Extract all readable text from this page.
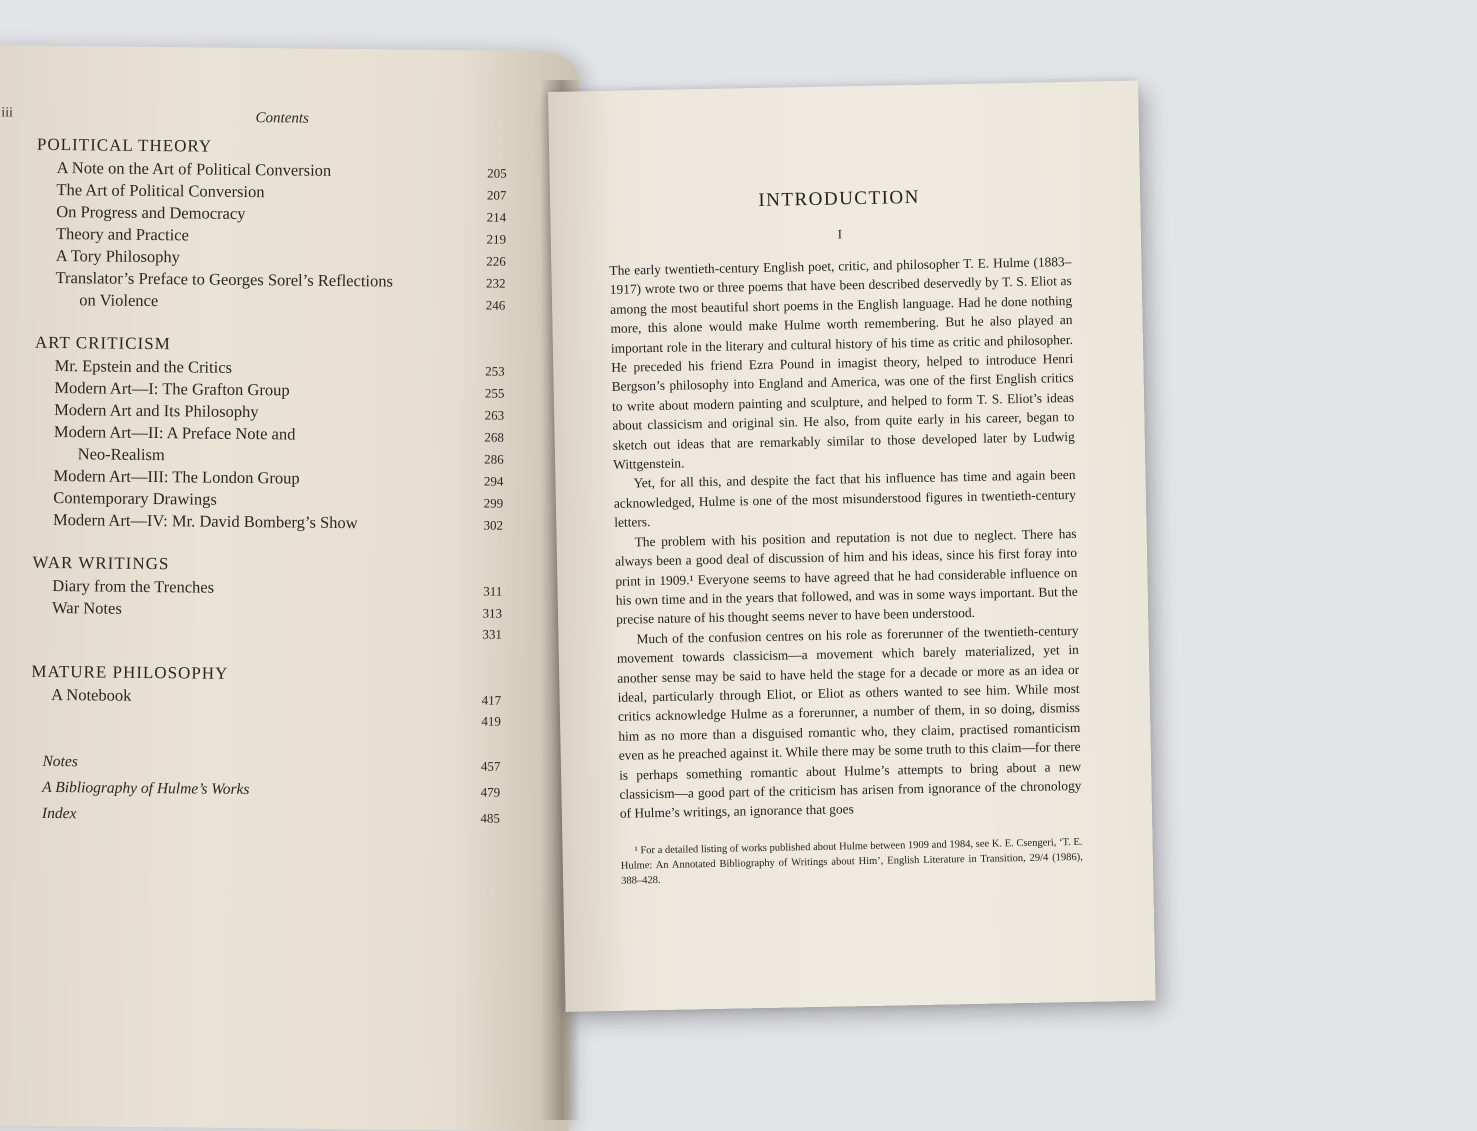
iii	Contents
POLITICAL THEORY
A Note on the Art of Political Conversion	205
The Art of Political Conversion	207
On Progress and Democracy	214
Theory and Practice	219
A Tory Philosophy	226
Translator’s Preface to Georges Sorel’s Reflections	232
on Violence	246
ART CRITICISM
Mr. Epstein and the Critics	253
Modern Art—I: The Grafton Group	255
Modern Art and Its Philosophy	263
Modern Art—II: A Preface Note and	268
Neo-Realism	286
Modern Art—III: The London Group	294
Contemporary Drawings	299
Modern Art—IV: Mr. David Bomberg’s Show	302
WAR WRITINGS
Diary from the Trenches	311
War Notes	313
331
MATURE PHILOSOPHY
A Notebook	417
419
Notes	457
A Bibliography of Hulme’s Works	479
Index	485
INTRODUCTION
I

The early twentieth-century English poet, critic, and philosopher T. E. Hulme (1883–1917) wrote two or three poems that have been described deservedly by T. S. Eliot as among the most beautiful short poems in the English language. Had he done nothing more, this alone would make Hulme worth remembering. But he also played an important role in the literary and cultural history of his time as critic and philosopher. He preceded his friend Ezra Pound in imagist theory, helped to introduce Henri Bergson’s philosophy into England and America, was one of the first English critics to write about modern painting and sculpture, and helped to form T. S. Eliot’s ideas about classicism and original sin. He also, from quite early in his career, began to sketch out ideas that are remarkably similar to those developed later by Ludwig Wittgenstein.

Yet, for all this, and despite the fact that his influence has time and again been acknowledged, Hulme is one of the most misunderstood figures in twentieth-century letters.

The problem with his position and reputation is not due to neglect. There has always been a good deal of discussion of him and his ideas, since his first foray into print in 1909.¹ Everyone seems to have agreed that he had considerable influence on his own time and in the years that followed, and was in some ways important. But the precise nature of his thought seems never to have been understood.

Much of the confusion centres on his role as forerunner of the twentieth-century movement towards classicism—a movement which barely materialized, yet in another sense may be said to have held the stage for a decade or more as an idea or ideal, particularly through Eliot, or Eliot as others wanted to see him. While most critics acknowledge Hulme as a forerunner, a number of them, in so doing, dismiss him as no more than a disguised romantic who, they claim, practised romanticism even as he preached against it. While there may be some truth to this claim—for there is perhaps something romantic about Hulme’s attempts to bring about a new classicism—a good part of the criticism has arisen from ignorance of the chronology of Hulme’s writings, an ignorance that goes

¹ For a detailed listing of works published about Hulme between 1909 and 1984, see K. E. Csengeri, ‘T. E. Hulme: An Annotated Bibliography of Writings about Him’, English Literature in Transition, 29/4 (1986), 388–428.
